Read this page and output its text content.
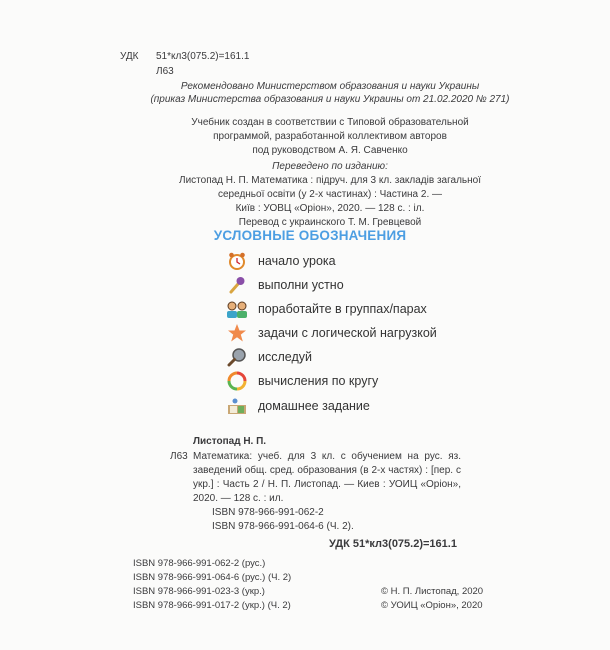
УДК 51*кл3(075.2)=161.1
Л63
Рекомендовано Министерством образования и науки Украины
(приказ Министерства образования и науки Украины от 21.02.2020 № 271)
Учебник создан в соответствии с Типовой образовательной
программой, разработанной коллективом авторов
под руководством А. Я. Савченко
Переведено по изданию:
Листопад Н. П. Математика : підруч. для 3 кл. закладів загальної
середньої освіти (у 2-х частинах) : Частина 2. —
Київ : УОВЦ «Оріон», 2020. — 128 с. : іл.
Перевод с украинского Т. М. Гревцевой
УСЛОВНЫЕ ОБОЗНАЧЕНИЯ
начало урока
выполни устно
поработайте в группах/парах
задачи с логической нагрузкой
исследуй
вычисления по кругу
домашнее задание
Листопад Н. П.
Л63 Математика: учеб. для 3 кл. с обучением на рус. яз. заведений общ. сред. образования (в 2-х частях) : [пер. с укр.] : Часть 2 / Н. П. Листопад. — Киев : УОИЦ «Оріон», 2020. — 128 с. : ил.
ISBN 978-966-991-062-2
ISBN 978-966-991-064-6 (Ч. 2).
УДК 51*кл3(075.2)=161.1
ISBN 978-966-991-062-2 (рус.)
ISBN 978-966-991-064-6 (рус.) (Ч. 2)
ISBN 978-966-991-023-3 (укр.)
ISBN 978-966-991-017-2 (укр.) (Ч. 2)
© Н. П. Листопад, 2020
© УОИЦ «Оріон», 2020
